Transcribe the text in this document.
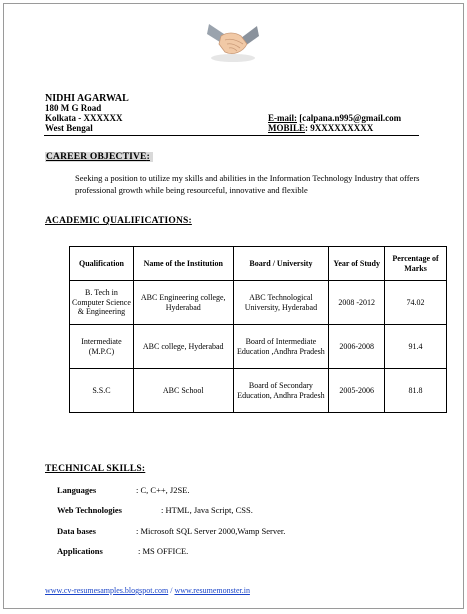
NIDHI AGARWAL
180 M G Road
Kolkata - XXXXXX
West Bengal
E-mail: [calpana.n995@gmail.com
MOBILE: 9XXXXXXXXX
CAREER OBJECTIVE:
Seeking a position to utilize my skills and abilities in the Information Technology Industry that offers professional growth while being resourceful, innovative and flexible
ACADEMIC QUALIFICATIONS:
Qualification	Name of the Institution	Board / University	Year of Study	Percentage of Marks
B. Tech in Computer Science & Engineering	ABC Engineering college, Hyderabad	ABC Technological University, Hyderabad	2008 -2012	74.02
Intermediate (M.P.C)	ABC college, Hyderabad	Board of Intermediate Education ,Andhra Pradesh	2006-2008	91.4
S.S.C	ABC School	Board of Secondary Education, Andhra Pradesh	2005-2006	81.8
TECHNICAL SKILLS:
Languages	: C, C++, J2SE.
Web Technologies	: HTML, Java Script, CSS.
Data bases	: Microsoft SQL Server 2000,Wamp Server.
Applications	: MS OFFICE.
www.cv-resumesamples.blogspot.com / www.resumemonster.in
